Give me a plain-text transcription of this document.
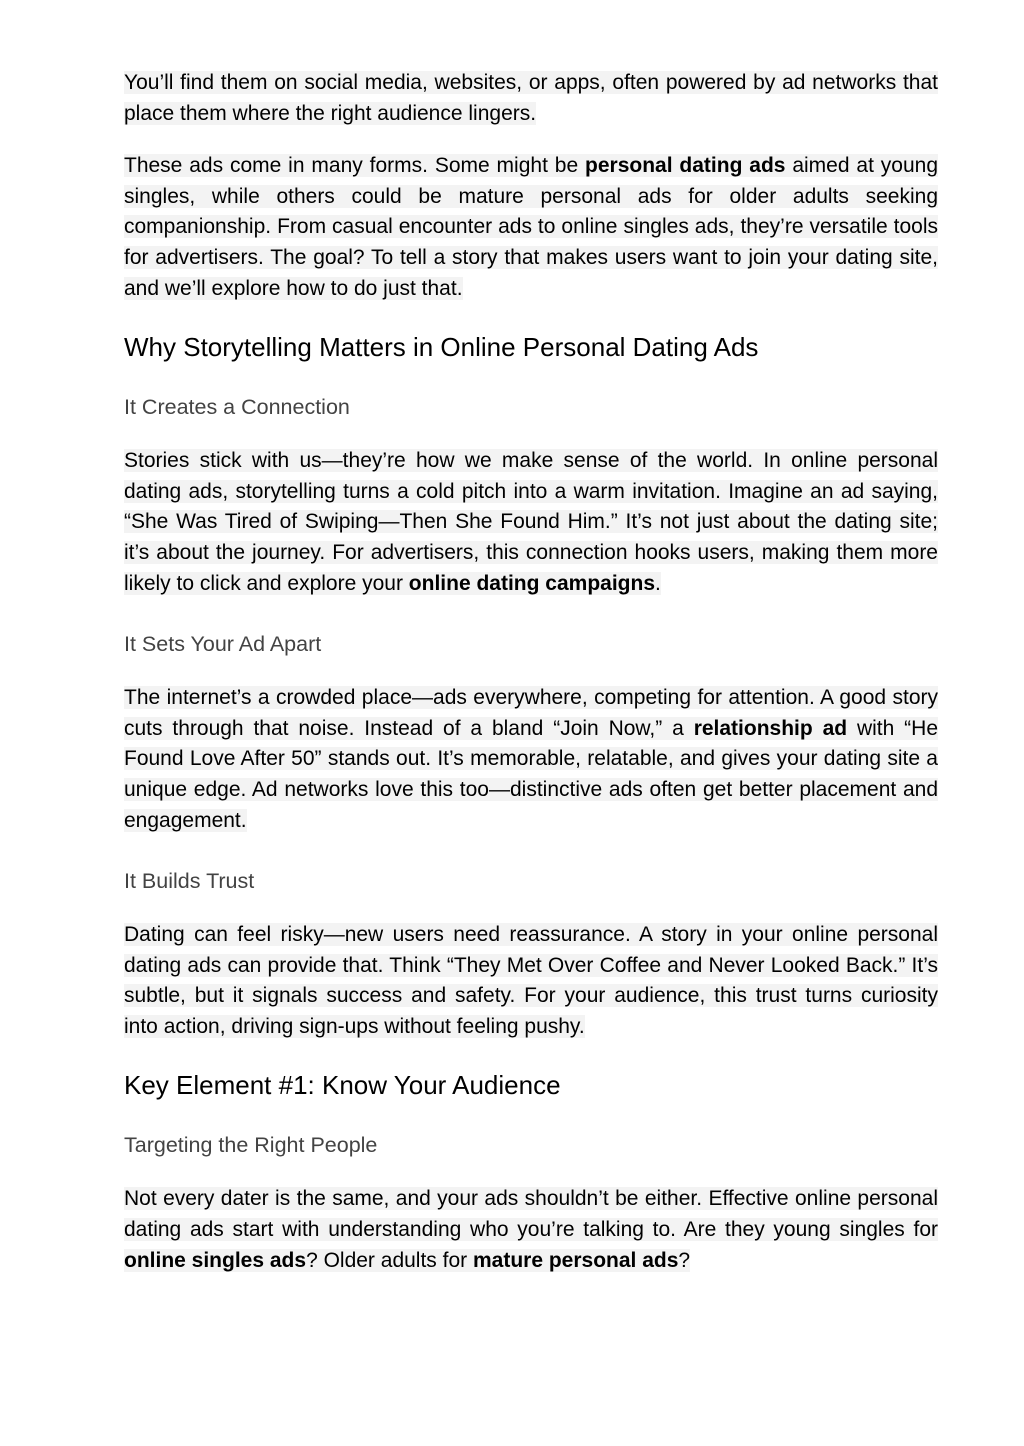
You’ll find them on social media, websites, or apps, often powered by ad networks that place them where the right audience lingers.

These ads come in many forms. Some might be personal dating ads aimed at young singles, while others could be mature personal ads for older adults seeking companionship. From casual encounter ads to online singles ads, they’re versatile tools for advertisers. The goal? To tell a story that makes users want to join your dating site, and we’ll explore how to do just that.

Why Storytelling Matters in Online Personal Dating Ads
It Creates a Connection

Stories stick with us—they’re how we make sense of the world. In online personal dating ads, storytelling turns a cold pitch into a warm invitation. Imagine an ad saying, “She Was Tired of Swiping—Then She Found Him.” It’s not just about the dating site; it’s about the journey. For advertisers, this connection hooks users, making them more likely to click and explore your online dating campaigns.

It Sets Your Ad Apart

The internet’s a crowded place—ads everywhere, competing for attention. A good story cuts through that noise. Instead of a bland “Join Now,” a relationship ad with “He Found Love After 50” stands out. It’s memorable, relatable, and gives your dating site a unique edge. Ad networks love this too—distinctive ads often get better placement and engagement.

It Builds Trust

Dating can feel risky—new users need reassurance. A story in your online personal dating ads can provide that. Think “They Met Over Coffee and Never Looked Back.” It’s subtle, but it signals success and safety. For your audience, this trust turns curiosity into action, driving sign-ups without feeling pushy.

Key Element #1: Know Your Audience
Targeting the Right People

Not every dater is the same, and your ads shouldn’t be either. Effective online personal dating ads start with understanding who you’re talking to. Are they young singles for online singles ads? Older adults for mature personal ads?
